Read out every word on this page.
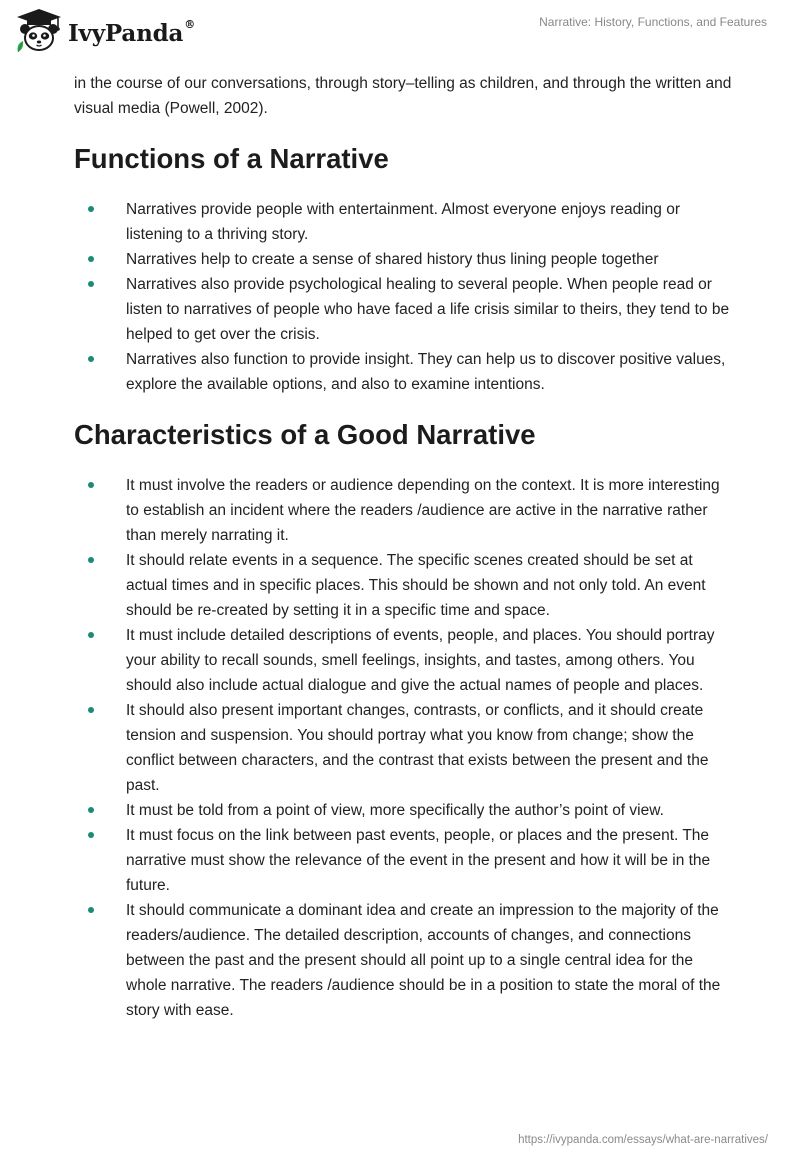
IvyPanda®	Narrative: History, Functions, and Features

in the course of our conversations, through story–telling as children, and through the written and visual media (Powell, 2002).

Functions of a Narrative
Narratives provide people with entertainment. Almost everyone enjoys reading or listening to a thriving story.
Narratives help to create a sense of shared history thus lining people together
Narratives also provide psychological healing to several people. When people read or listen to narratives of people who have faced a life crisis similar to theirs, they tend to be helped to get over the crisis.
Narratives also function to provide insight. They can help us to discover positive values, explore the available options, and also to examine intentions.
Characteristics of a Good Narrative
It must involve the readers or audience depending on the context. It is more interesting to establish an incident where the readers /audience are active in the narrative rather than merely narrating it.
It should relate events in a sequence. The specific scenes created should be set at actual times and in specific places. This should be shown and not only told. An event should be re-created by setting it in a specific time and space.
It must include detailed descriptions of events, people, and places. You should portray your ability to recall sounds, smell feelings, insights, and tastes, among others. You should also include actual dialogue and give the actual names of people and places.
It should also present important changes, contrasts, or conflicts, and it should create tension and suspension. You should portray what you know from change; show the conflict between characters, and the contrast that exists between the present and the past.
It must be told from a point of view, more specifically the author’s point of view.
It must focus on the link between past events, people, or places and the present. The narrative must show the relevance of the event in the present and how it will be in the future.
It should communicate a dominant idea and create an impression to the majority of the readers/audience. The detailed description, accounts of changes, and connections between the past and the present should all point up to a single central idea for the whole narrative. The readers /audience should be in a position to state the moral of the story with ease.
https://ivypanda.com/essays/what-are-narratives/
